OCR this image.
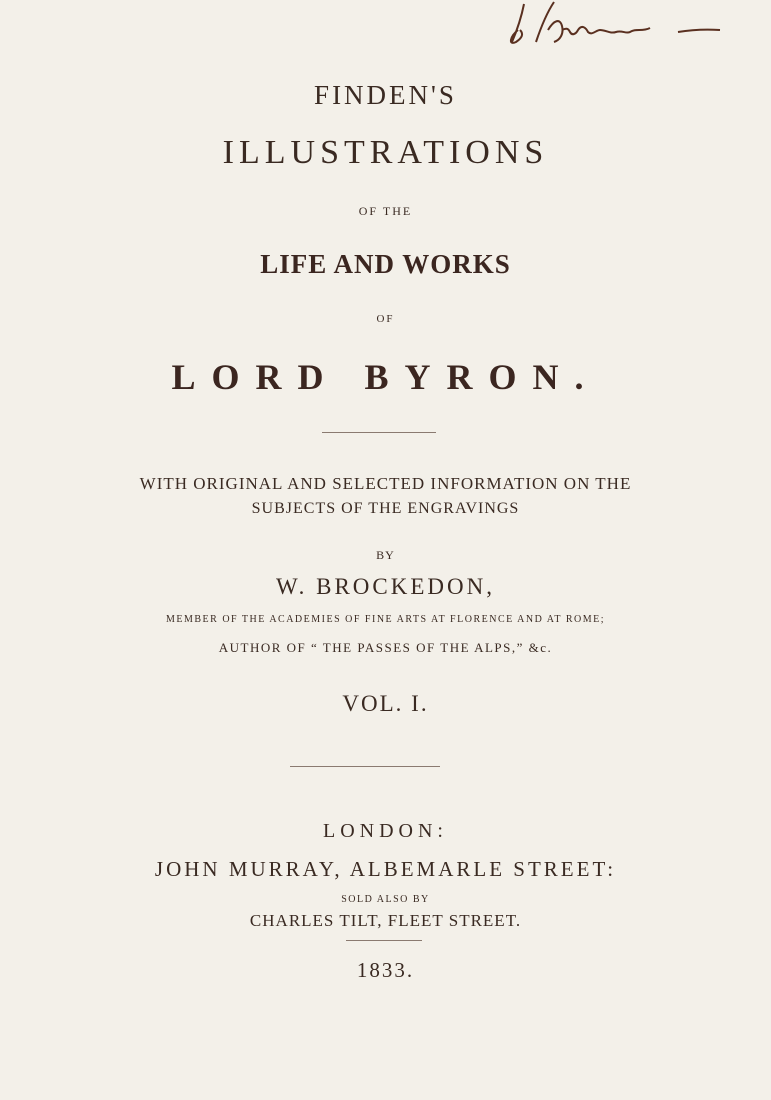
FINDEN'S
ILLUSTRATIONS
OF THE
LIFE AND WORKS
OF
LORD BYRON.
WITH ORIGINAL AND SELECTED INFORMATION ON THE
SUBJECTS OF THE ENGRAVINGS
BY
W. BROCKEDON,
MEMBER OF THE ACADEMIES OF FINE ARTS AT FLORENCE AND AT ROME;
AUTHOR OF “ THE PASSES OF THE ALPS,” &c.
VOL. I.
LONDON:
JOHN MURRAY, ALBEMARLE STREET:
SOLD ALSO BY
CHARLES TILT, FLEET STREET.
1833.
